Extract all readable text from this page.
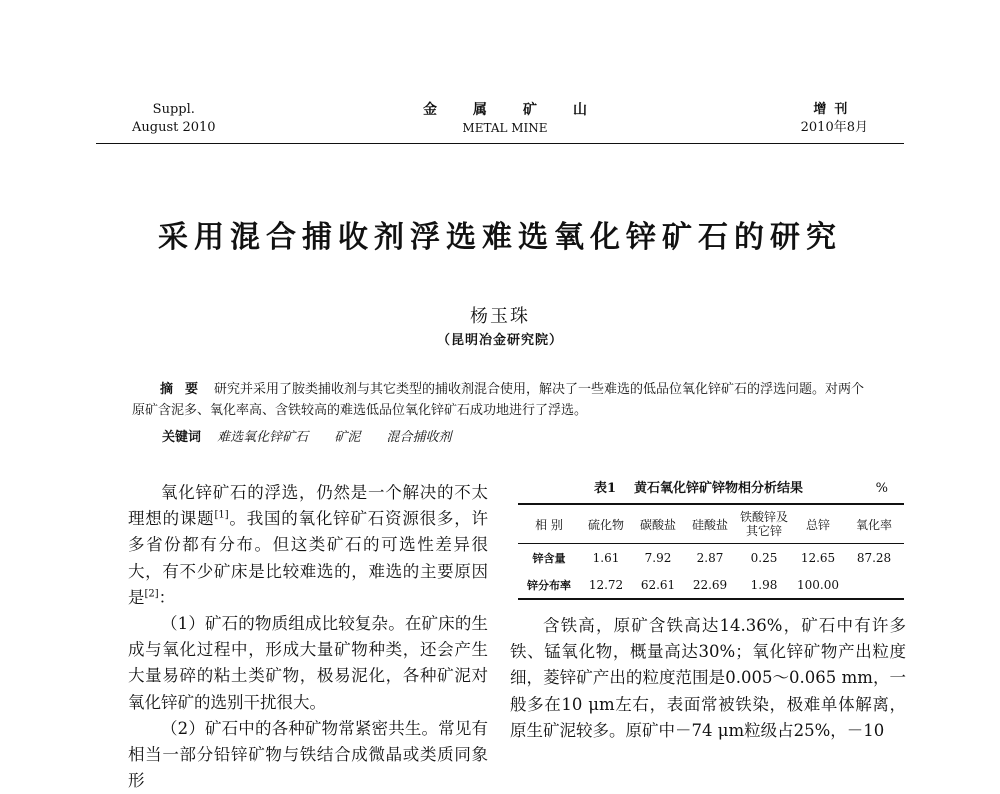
Suppl.
August 2010
金属矿山
METAL MINE
增刊
2010年8月
采用混合捕收剂浮选难选氧化锌矿石的研究
杨玉珠
（昆明冶金研究院）
摘要 研究并采用了胺类捕收剂与其它类型的捕收剂混合使用，解决了一些难选的低品位氧化锌矿石的浮选问题。对两个原矿含泥多、氧化率高、含铁较高的难选低品位氧化锌矿石成功地进行了浮选。
关键词 难选氧化锌矿石 矿泥 混合捕收剂

氧化锌矿石的浮选，仍然是一个解决的不太理想的课题[1]。我国的氧化锌矿石资源很多，许多省份都有分布。但这类矿石的可选性差异很大，有不少矿床是比较难选的，难选的主要原因是[2]：

（1）矿石的物质组成比较复杂。在矿床的生成与氧化过程中，形成大量矿物种类，还会产生大量易碎的粘土类矿物，极易泥化，各种矿泥对氧化锌矿的选别干扰很大。

（2）矿石中的各种矿物常紧密共生。常见有相当一部分铅锌矿物与铁结合成微晶或类质同象形

表1 黄石氧化锌矿锌物相分析结果	%
相 别	硫化物	碳酸盐	硅酸盐	铁酸锌及其它锌	总锌	氧化率
锌含量	1.61	7.92	2.87	0.25	12.65	87.28
锌分布率	12.72	62.61	22.69	1.98	100.00	

含铁高，原矿含铁高达14.36%，矿石中有许多铁、锰氧化物，概量高达30%；氧化锌矿物产出粒度细，菱锌矿产出的粒度范围是0.005～0.065 mm，一般多在10 μm左右，表面常被铁染，极难单体解离，原生矿泥较多。原矿中－74 μm粒级占25%，－10
